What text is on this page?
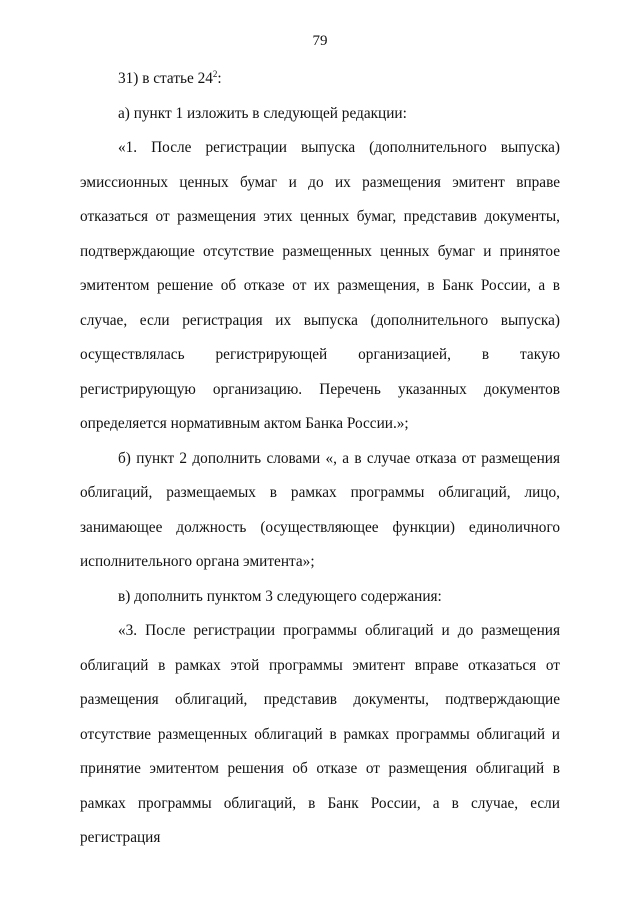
79

31) в статье $24^2$:

а) пункт 1 изложить в следующей редакции:

«1. После регистрации выпуска (дополнительного выпуска) эмиссионных ценных бумаг и до их размещения эмитент вправе отказаться от размещения этих ценных бумаг, представив документы, подтверждающие отсутствие размещенных ценных бумаг и принятое эмитентом решение об отказе от их размещения, в Банк России, а в случае, если регистрация их выпуска (дополнительного выпуска) осуществлялась регистрирующей организацией, в такую регистрирующую организацию. Перечень указанных документов определяется нормативным актом Банка России.»;

б) пункт 2 дополнить словами «, а в случае отказа от размещения облигаций, размещаемых в рамках программы облигаций, лицо, занимающее должность (осуществляющее функции) единоличного исполнительного органа эмитента»;

в) дополнить пунктом 3 следующего содержания:

«3. После регистрации программы облигаций и до размещения облигаций в рамках этой программы эмитент вправе отказаться от размещения облигаций, представив документы, подтверждающие отсутствие размещенных облигаций в рамках программы облигаций и принятие эмитентом решения об отказе от размещения облигаций в рамках программы облигаций, в Банк России, а в случае, если регистрация
